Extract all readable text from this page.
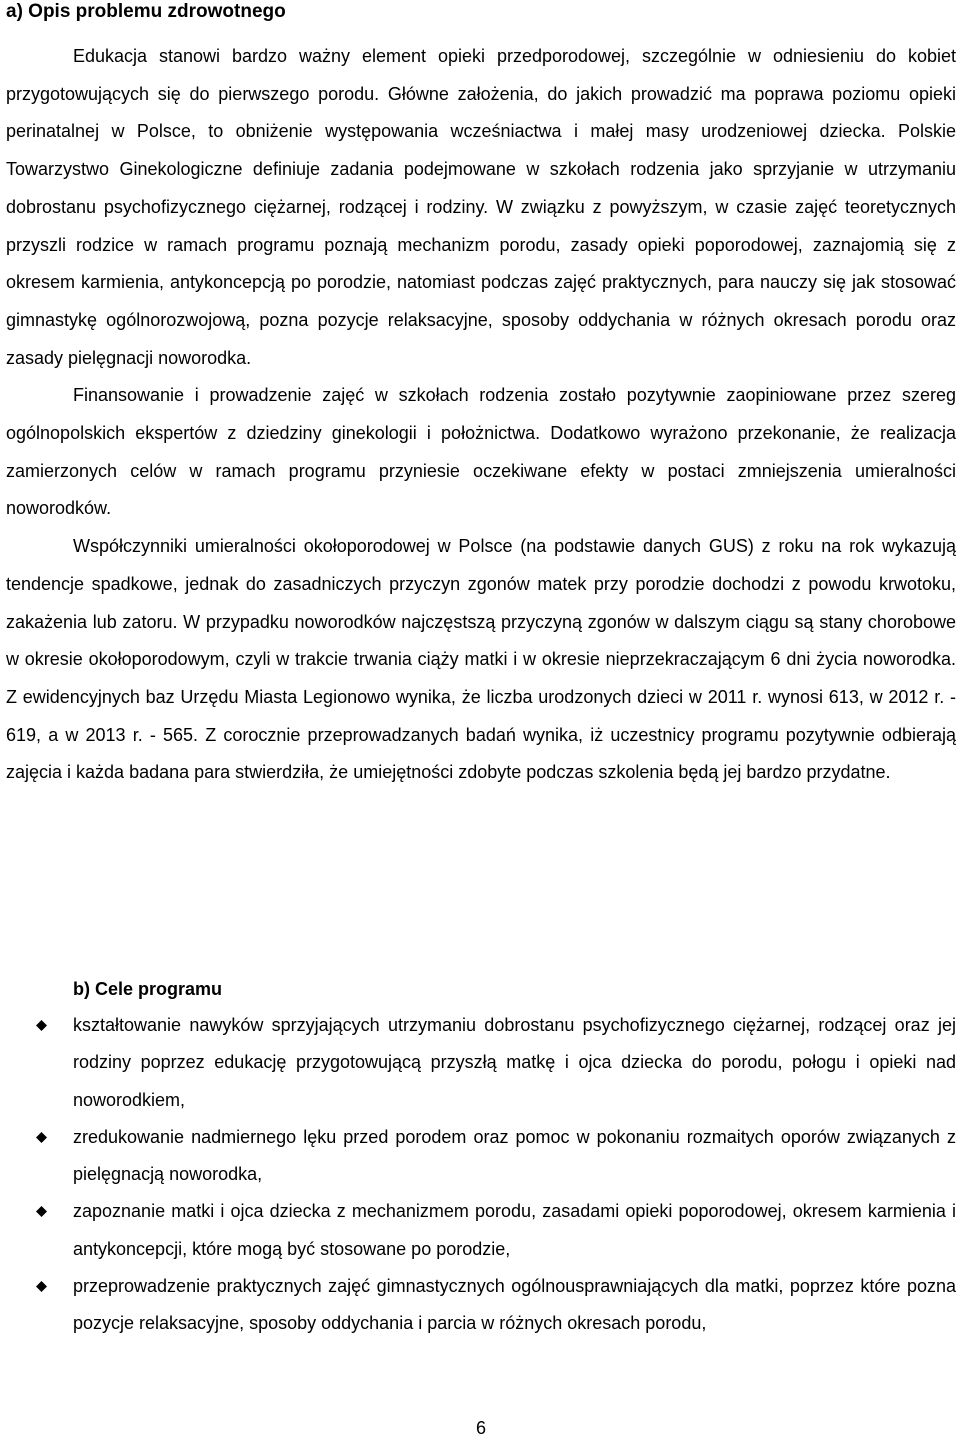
a) Opis problemu zdrowotnego

Edukacja stanowi bardzo ważny element opieki przedporodowej, szczególnie w odniesieniu do kobiet przygotowujących się do pierwszego porodu. Główne założenia, do jakich prowadzić ma poprawa poziomu opieki perinatalnej w Polsce, to obniżenie występowania wcześniactwa i małej masy urodzeniowej dziecka. Polskie Towarzystwo Ginekologiczne definiuje zadania podejmowane w szkołach rodzenia jako sprzyjanie w utrzymaniu dobrostanu psychofizycznego ciężarnej, rodzącej i rodziny. W związku z powyższym, w czasie zajęć teoretycznych przyszli rodzice w ramach programu poznają mechanizm porodu, zasady opieki poporodowej, zaznajomią się z okresem karmienia, antykoncepcją po porodzie, natomiast podczas zajęć praktycznych, para nauczy się jak stosować gimnastykę ogólnorozwojową, pozna pozycje relaksacyjne, sposoby oddychania w różnych okresach porodu oraz zasady pielęgnacji noworodka.

Finansowanie i prowadzenie zajęć w szkołach rodzenia zostało pozytywnie zaopiniowane przez szereg ogólnopolskich ekspertów z dziedziny ginekologii i położnictwa. Dodatkowo wyrażono przekonanie, że realizacja zamierzonych celów w ramach programu przyniesie oczekiwane efekty w postaci zmniejszenia umieralności noworodków.

Współczynniki umieralności okołoporodowej w Polsce (na podstawie danych GUS) z roku na rok wykazują tendencje spadkowe, jednak do zasadniczych przyczyn zgonów matek przy porodzie dochodzi z powodu krwotoku, zakażenia lub zatoru. W przypadku noworodków najczęstszą przyczyną zgonów w dalszym ciągu są stany chorobowe w okresie okołoporodowym, czyli w trakcie trwania ciąży matki i w okresie nieprzekraczającym 6 dni życia noworodka. Z ewidencyjnych baz Urzędu Miasta Legionowo wynika, że liczba urodzonych dzieci w 2011 r. wynosi 613, w 2012 r. - 619, a w 2013 r. - 565. Z corocznie przeprowadzanych badań wynika, iż uczestnicy programu pozytywnie odbierają zajęcia i każda badana para stwierdziła, że umiejętności zdobyte podczas szkolenia będą jej bardzo przydatne.

b) Cele programu
kształtowanie nawyków sprzyjających utrzymaniu dobrostanu psychofizycznego ciężarnej, rodzącej oraz jej rodziny poprzez edukację przygotowującą przyszłą matkę i ojca dziecka do porodu, połogu i opieki nad noworodkiem,
zredukowanie nadmiernego lęku przed porodem oraz pomoc w pokonaniu rozmaitych oporów związanych z pielęgnacją noworodka,
zapoznanie matki i ojca dziecka z mechanizmem porodu, zasadami opieki poporodowej, okresem karmienia i antykoncepcji, które mogą być stosowane po porodzie,
przeprowadzenie praktycznych zajęć gimnastycznych ogólnousprawniających dla matki, poprzez które pozna pozycje relaksacyjne, sposoby oddychania i parcia w różnych okresach porodu,
6
